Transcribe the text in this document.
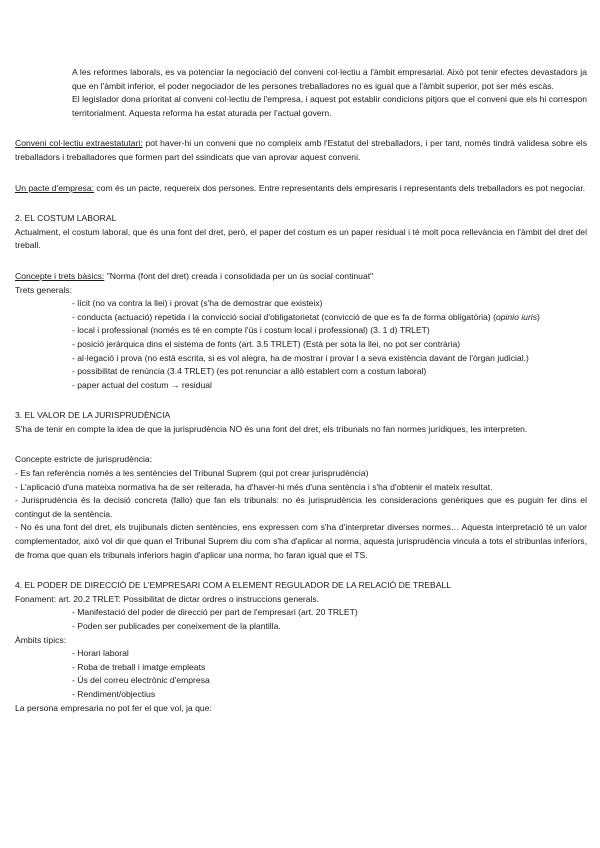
A les reformes laborals, es va potenciar la negociació del conveni col·lectiu a l'àmbit empresarial. Això pot tenir efectes devastadors ja que en l'àmbit inferior, el poder negociador de les persones treballadores no es igual que a l'àmbit superior, pot ser més escàs.

El legislador dona prioritat al conveni col·lectiu de l'empresa, i aquest pot establir condicions pitjors que el conveni que els hi correspon territorialment. Aquesta reforma ha estat aturada per l'actual govern.

Conveni col·lectiu extraestatutari: pot haver-hi un conveni que no compleix amb l'Estatut del streballadors, i per tant, només tindrà validesa sobre els treballadors i treballadores que formen part del ssindicats que van aprovar aquest conveni.

Un pacte d'empresa: com és un pacte, requereix dos persones. Entre representants dels empresaris i representants dels treballadors es pot negociar.

2. EL COSTUM LABORAL

Actualment, el costum laboral, que és una font del dret, però, el paper del costum es un paper residual i té molt poca rellevància en l'àmbit del dret del treball.

Concepte i trets bàsics: "Norma (font del dret) creada i consolidada per un ús social continuat"

Trets generals:

- lícit (no va contra la llei) i provat (s'ha de demostrar que existeix)
- conducta (actuació) repetida i la convicció social d'obligatorietat (convicció de que es fa de forma obligatòria) (opinio iuris)
- local i professional (només es té en compte l'ús i costum local i professional) (3. 1 d) TRLET)
- posició jeràrquica dins el sistema de fonts (art. 3.5 TRLET) (Està per sota la llei, no pot ser contrària)
- al·legació i prova (no està escrita, si es vol alegra, ha de mostrar i provar l a seva existència davant de l'òrgan judicial.)
- possibilitat de renúncia (3.4 TRLET) (es pot renunciar a allò establert com a costum laboral)
- paper actual del costum → residual

3. EL VALOR DE LA JURISPRUDÈNCIA

S'ha de tenir en compte la idea de que la jurisprudència NO és una font del dret, els tribunals no fan normes jurídiques, les interpreten.

Concepte estricte de jurisprudència:

- Es fan referència només a les sentències del Tribunal Suprem (qui pot crear jurisprudència)
- L'aplicació d'una mateixa normativa ha de ser reiterada, ha d'haver-hi més d'una sentència i s'ha d'obtenir el mateix resultat.
- Jurisprudència és la decisió concreta (fallo) que fan els tribunals: no és jurisprudència les consideracions genèriques que es puguin fer dins el contingut de la sentència.
- No és una font del dret, els trujibunals dicten sentències, ens expressen com s'ha d'interpretar diverses normes… Aquesta interpretació té un valor complementador, això vol dir que quan el Tribunal Suprem diu com s'ha d'aplicar al norma, aquesta jurisprudència vincula a tots el stribunlas inferiors, de froma que quan els tribunals inferiors hagin d'aplicar una norma, ho faran igual que el TS.

4. EL PODER DE DIRECCIÓ DE L'EMPRESARI COM A ELEMENT REGULADOR DE LA RELACIÓ DE TREBALL

Fonament: art. 20.2 TRLET: Possibilitat de dictar ordres o instruccions generals.

- Manifestació del poder de direcció per part de l'empresari (art. 20 TRLET)
- Poden ser publicades per coneixement de la plantilla.

Àmbits típics:

- Horari laboral
- Roba de treball i imatge empleats
- Ús del correu electrònic d'empresa
- Rendiment/objectius

La persona empresaria no pot fer el que vol, ja que:
